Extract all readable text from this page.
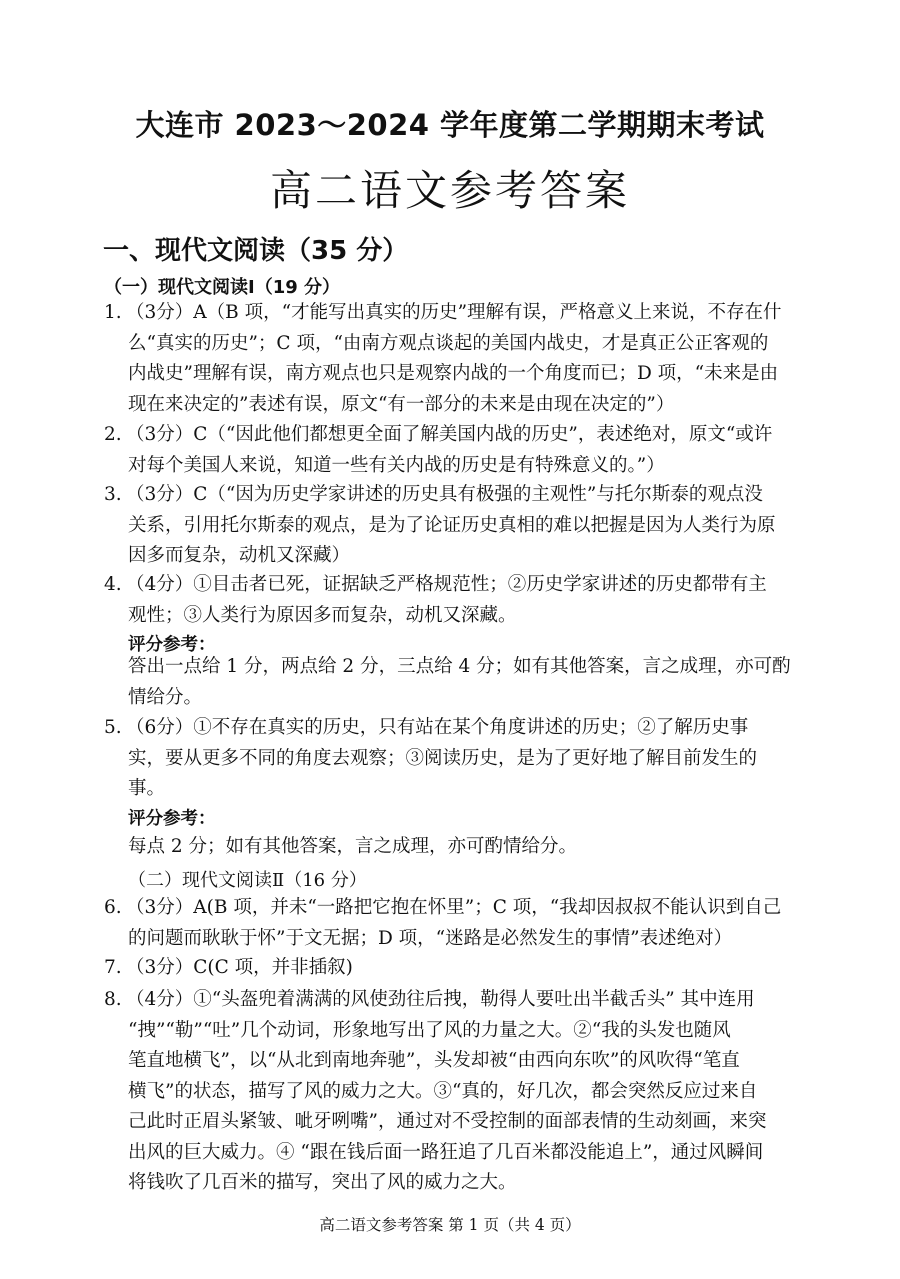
大连市 2023～2024 学年度第二学期期末考试
高二语文参考答案
一、现代文阅读（35 分）
（一）现代文阅读Ⅰ（19 分）
1. （3分）A（B 项，“才能写出真实的历史”理解有误，严格意义上来说，不存在什
么“真实的历史”；C 项，“由南方观点谈起的美国内战史，才是真正公正客观的
内战史”理解有误，南方观点也只是观察内战的一个角度而已；D 项，“未来是由
现在来决定的”表述有误，原文“有一部分的未来是由现在决定的”）
2. （3分）C（“因此他们都想更全面了解美国内战的历史”，表述绝对，原文“或许
对每个美国人来说，知道一些有关内战的历史是有特殊意义的。”）
3. （3分）C（“因为历史学家讲述的历史具有极强的主观性”与托尔斯泰的观点没
关系，引用托尔斯泰的观点，是为了论证历史真相的难以把握是因为人类行为原
因多而复杂，动机又深藏）
4. （4分）①目击者已死，证据缺乏严格规范性；②历史学家讲述的历史都带有主
观性；③人类行为原因多而复杂，动机又深藏。
评分参考：
答出一点给 1 分，两点给 2 分，三点给 4 分；如有其他答案，言之成理，亦可酌
情给分。
5. （6分）①不存在真实的历史，只有站在某个角度讲述的历史；②了解历史事
实，要从更多不同的角度去观察；③阅读历史，是为了更好地了解目前发生的
事。
评分参考：
每点 2 分；如有其他答案，言之成理，亦可酌情给分。
（二）现代文阅读Ⅱ（16 分）
6. （3分）A(B 项，并未“一路把它抱在怀里”；C 项，“我却因叔叔不能认识到自己
的问题而耿耿于怀”于文无据；D 项，“迷路是必然发生的事情”表述绝对）
7. （3分）C(C 项，并非插叙)
8. （4分）①“头盔兜着满满的风使劲往后拽，勒得人要吐出半截舌头” 其中连用
“拽”“勒”“吐”几个动词，形象地写出了风的力量之大。②“我的头发也随风
笔直地横飞”，以“从北到南地奔驰”，头发却被“由西向东吹”的风吹得“笔直
横飞”的状态，描写了风的威力之大。③“真的，好几次，都会突然反应过来自
己此时正眉头紧皱、呲牙咧嘴”，通过对不受控制的面部表情的生动刻画，来突
出风的巨大威力。④ “跟在钱后面一路狂追了几百米都没能追上”，通过风瞬间
将钱吹了几百米的描写，突出了风的威力之大。
高二语文参考答案 第 1 页（共 4 页）
